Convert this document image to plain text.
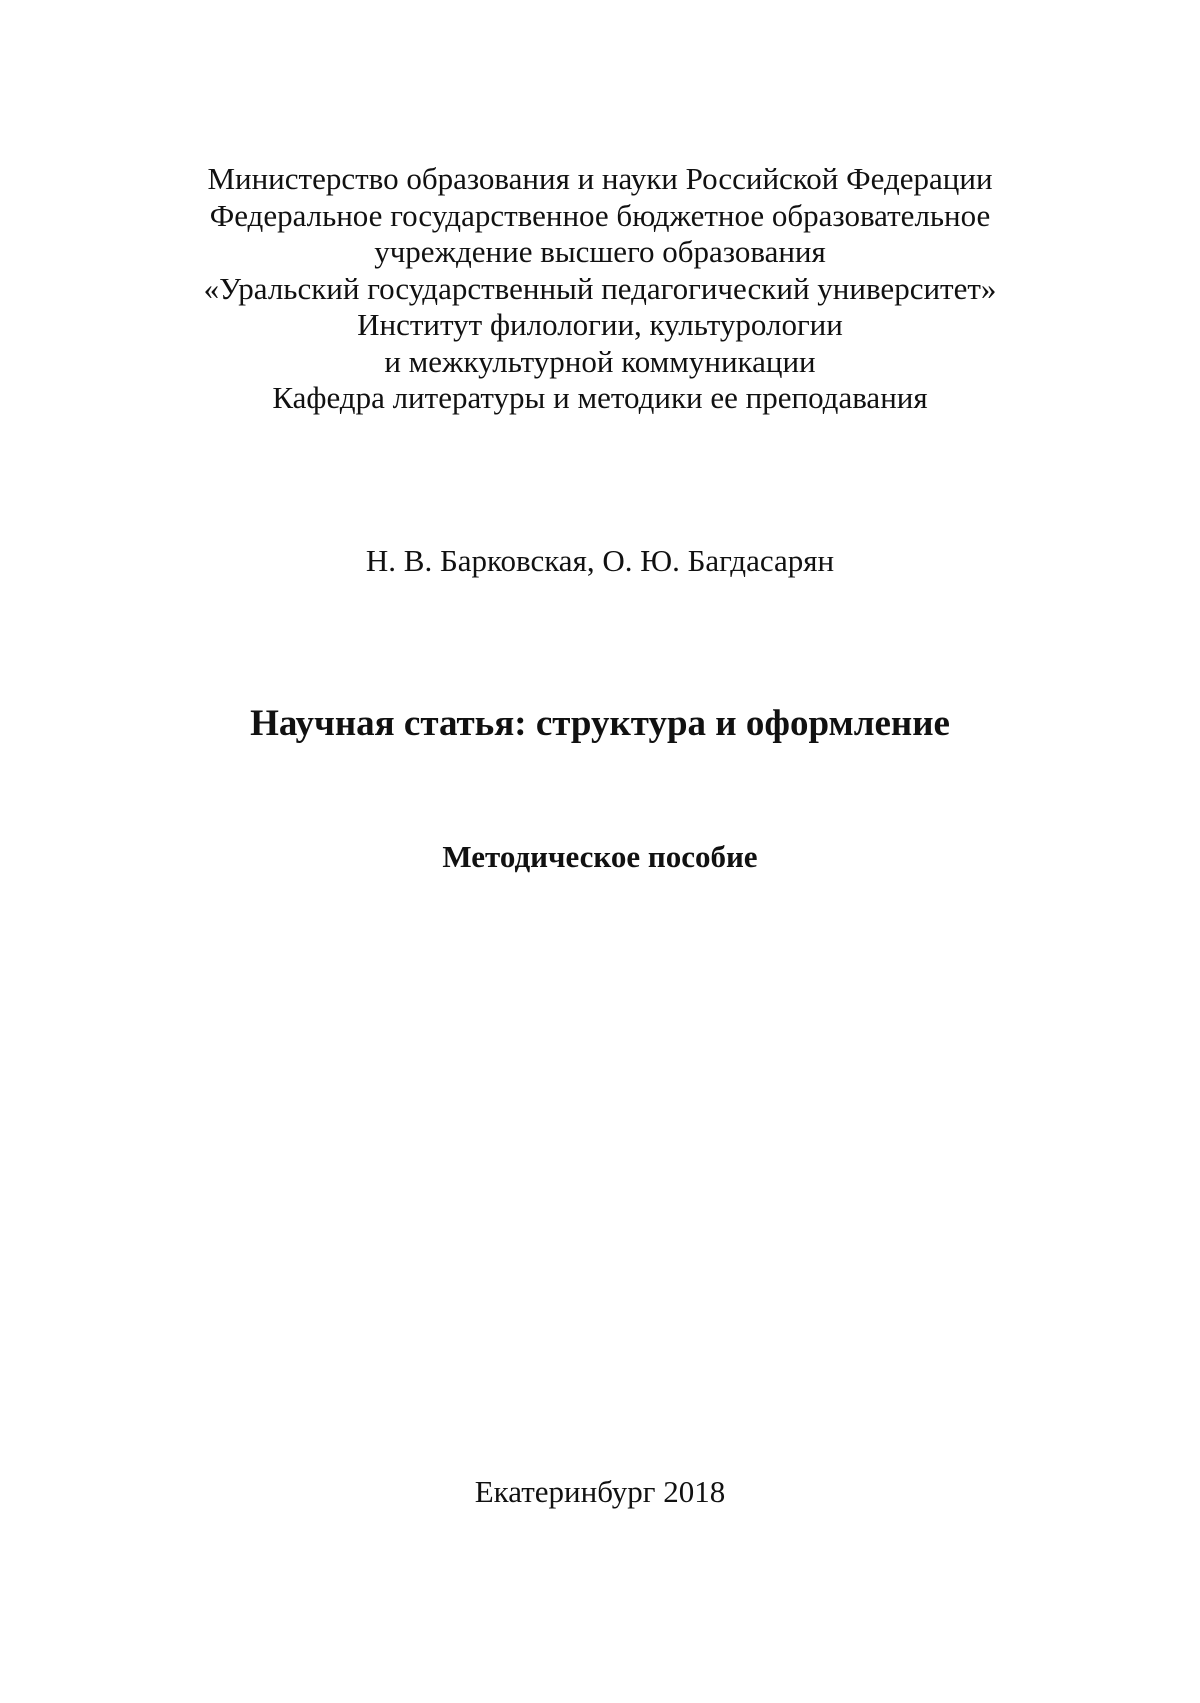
Министерство образования и науки Российской Федерации
Федеральное государственное бюджетное образовательное
учреждение высшего образования
«Уральский государственный педагогический университет»
Институт филологии, культурологии
и межкультурной коммуникации
Кафедра литературы и методики ее преподавания
Н. В. Барковская, О. Ю. Багдасарян
Научная статья: структура и оформление
Методическое пособие
Екатеринбург 2018
